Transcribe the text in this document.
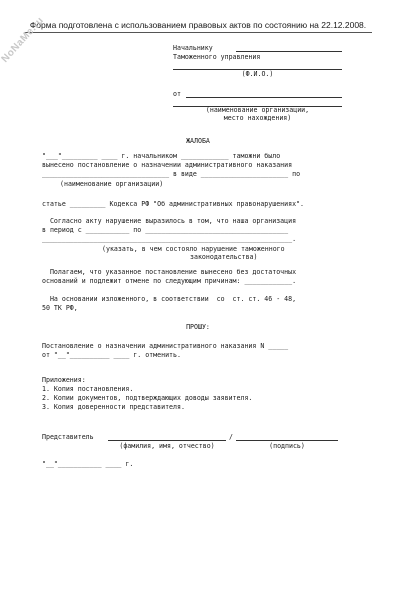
Форма подготовлена с использованием правовых актов по состоянию на 22.12.2008.
NoNaMe.ru	Начальнику
Таможенного управления
(Ф.И.О.)
от
(наименование организации,
место нахождения)
ЖАЛОБА
"___"_________ ____ г. начальником ____________ таможни было
вынесено постановление о назначении административного наказания
________________________________ в виде ______________________ по
(наименование организации)
статье _________ Кодекса РФ "Об административных правонарушениях".
Согласно акту нарушение выразилось в том, что наша организация
в период с ___________ по ____________________________________
_______________________________________________________________.
(указать, в чем состояло нарушение таможенного
законодательства)
Полагаем, что указанное постановление вынесено без достаточных
оснований и подлежит отмене по следующим причинам: ____________.
На основании изложенного, в соответствии  со  ст. ст. 46 - 48,
50 ТК РФ,
ПРОШУ:
Постановление о назначении административного наказания N _____
от "__"__________ ____ г. отменить.
Приложения:
1. Копия постановления.
2. Копии документов, подтверждающих доводы заявителя.
3. Копия доверенности представителя.
Представитель	/
(фамилия, имя, отчество)	(подпись)
"__"___________ ____ г.
